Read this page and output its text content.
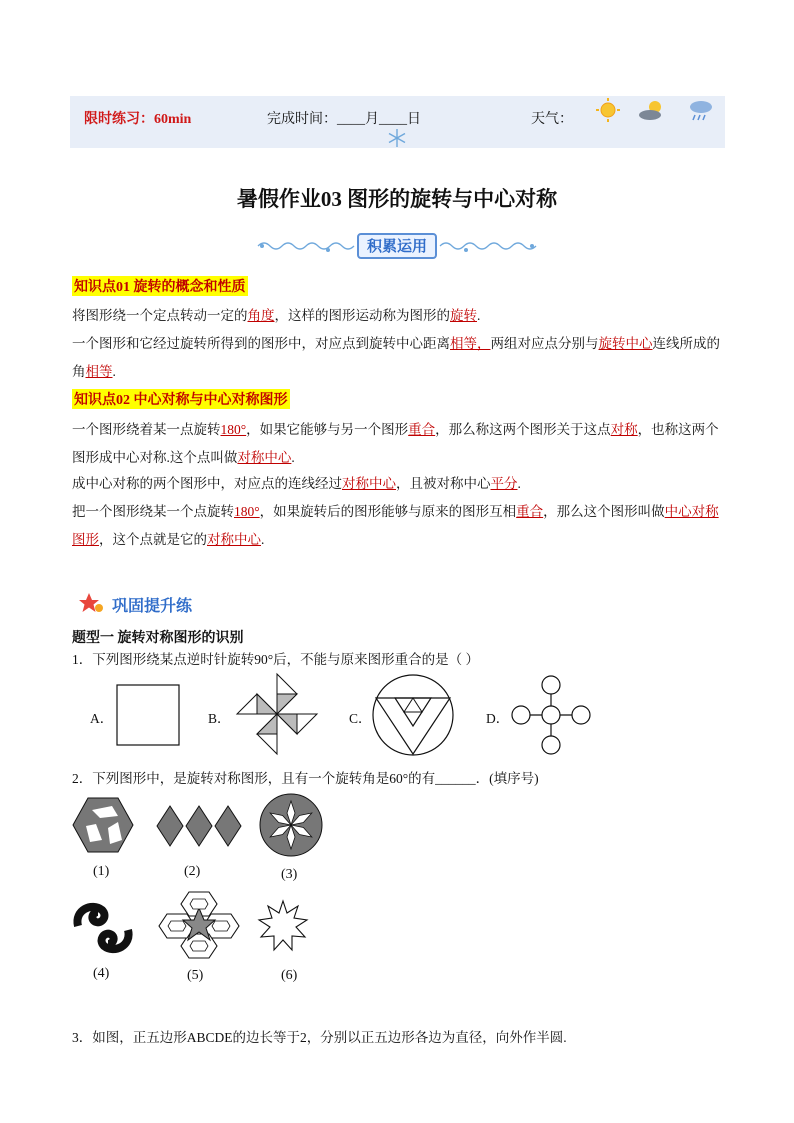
限时练习：60min	完成时间：____月____日	天气：
暑假作业03 图形的旋转与中心对称
积累运用
知识点01 旋转的概念和性质
将图形绕一个定点转动一定的角度，这样的图形运动称为图形的旋转.
一个图形和它经过旋转所得到的图形中，对应点到旋转中心距离相等，两组对应点分别与旋转中心连线所成的角相等.
知识点02 中心对称与中心对称图形
一个图形绕着某一点旋转180°，如果它能够与另一个图形重合，那么称这两个图形关于这点对称，也称这两个图形成中心对称.这个点叫做对称中心.
成中心对称的两个图形中，对应点的连线经过对称中心，且被对称中心平分.
把一个图形绕某一个点旋转180°，如果旋转后的图形能够与原来的图形互相重合，那么这个图形叫做中心对称图形，这个点就是它的对称中心.
巩固提升练
题型一 旋转对称图形的识别
1．下列图形绕某点逆时针旋转90°后，不能与原来图形重合的是（ ）
A．	B．	C．	D．
2．下列图形中，是旋转对称图形，且有一个旋转角是60°的有______．(填序号)
(1)	(2)	(3)
(4)	(5)	(6)
3．如图，正五边形ABCDE的边长等于2，分别以正五边形各边为直径，向外作半圆.
